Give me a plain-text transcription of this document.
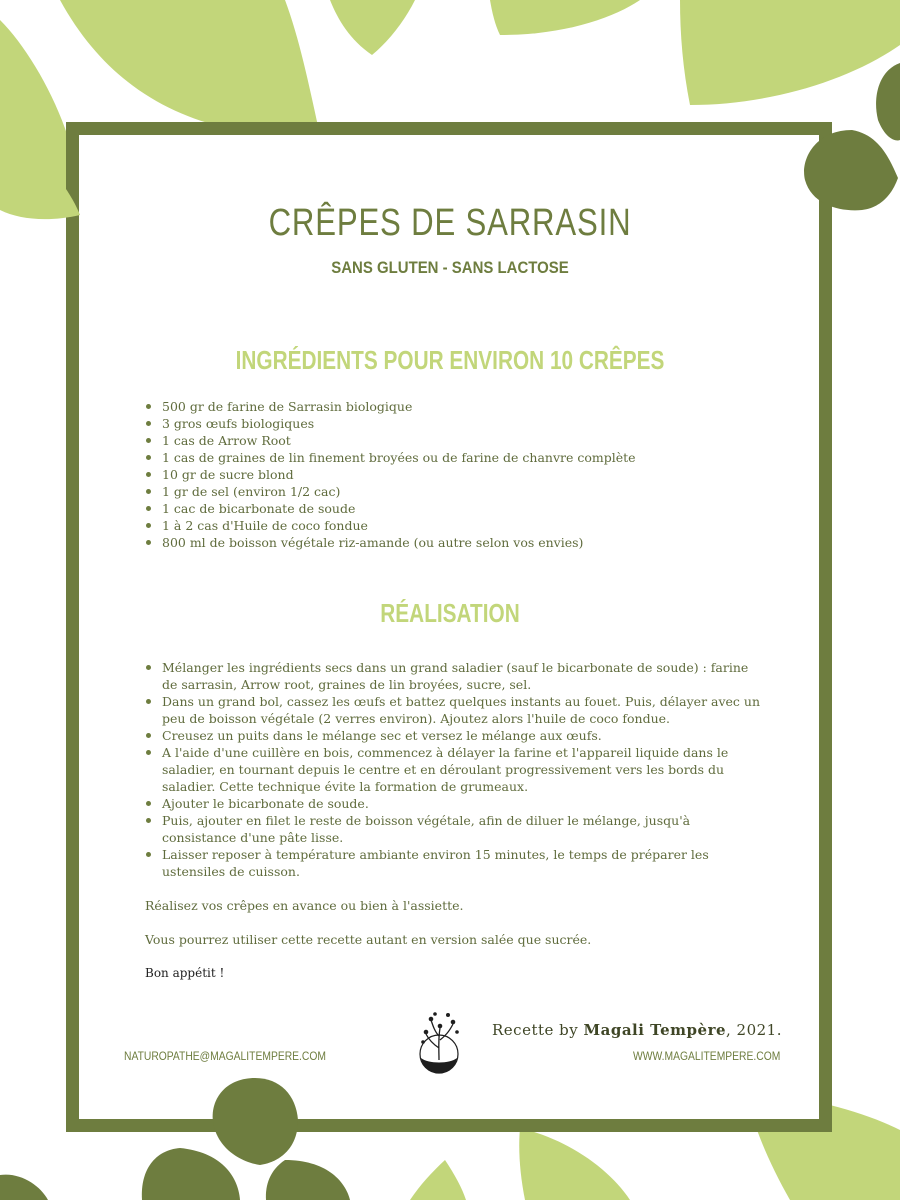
CRÊPES DE SARRASIN
SANS GLUTEN - SANS LACTOSE
INGRÉDIENTS POUR ENVIRON 10 CRÊPES
500 gr de farine de Sarrasin biologique
3 gros œufs biologiques
1 cas de Arrow Root
1 cas de graines de lin finement broyées ou de farine de chanvre complète
10 gr de sucre blond
1 gr de sel (environ 1/2 cac)
1 cac de bicarbonate de soude
1 à 2 cas d'Huile de coco fondue
800 ml de boisson végétale riz-amande (ou autre selon vos envies)
RÉALISATION
Mélanger les ingrédients secs dans un grand saladier (sauf le bicarbonate de soude) : farine de sarrasin, Arrow root, graines de lin broyées, sucre, sel.
Dans un grand bol, cassez les œufs et battez quelques instants au fouet. Puis, délayer avec un peu de boisson végétale (2 verres environ). Ajoutez alors l'huile de coco fondue.
Creusez un puits dans le mélange sec et versez le mélange aux œufs.
A l'aide d'une cuillère en bois, commencez à délayer la farine et l'appareil liquide dans le saladier, en tournant depuis le centre et en déroulant progressivement vers les bords du saladier. Cette technique évite la formation de grumeaux.
Ajouter le bicarbonate de soude.
Puis, ajouter en filet le reste de boisson végétale, afin de diluer le mélange, jusqu'à consistance d'une pâte lisse.
Laisser reposer à température ambiante environ 15 minutes, le temps de préparer les ustensiles de cuisson.
Réalisez vos crêpes en avance ou bien à l'assiette.
Vous pourrez utiliser cette recette autant en version salée que sucrée.
Bon appétit !
Recette by Magali Tempère, 2021.
NATUROPATHE@MAGALITEMPERE.COM	WWW.MAGALITEMPERE.COM
